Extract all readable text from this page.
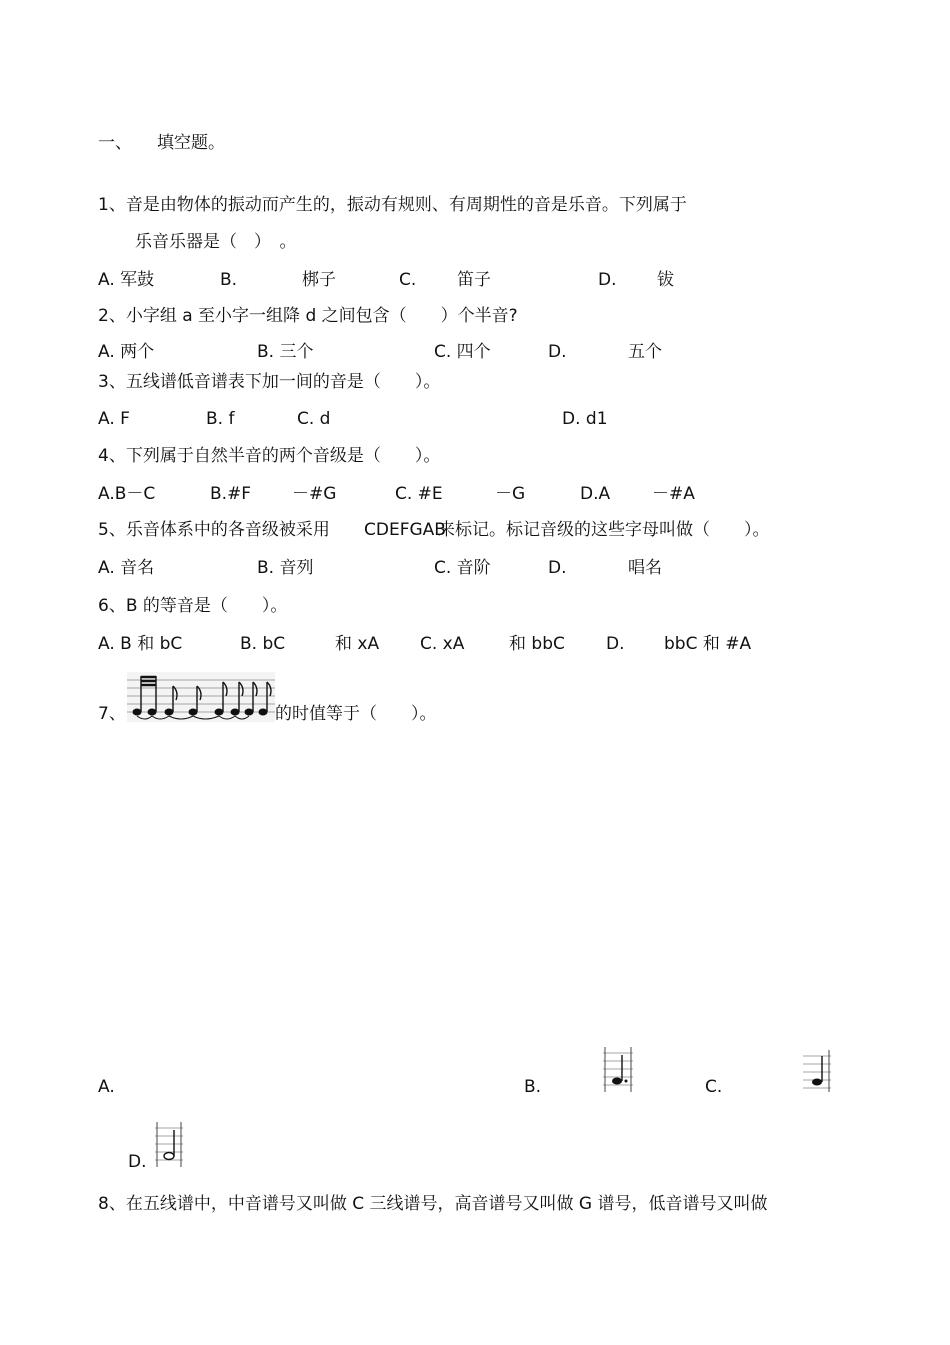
一、 填空题。
1、音是由物体的振动而产生的，振动有规则、有周期性的音是乐音。下列属于
乐音乐器是（　）　。
A. 军鼓	B.	梆子	C. 笛子	D. 钹
2、小字组 a 至小字一组降 d 之间包含（　　）个半音?
A. 两个	B. 三个	C. 四个	D.	五个
3、五线谱低音谱表下加一间的音是（　　）。
A. F	B. f	C. d	D. d1
4、下列属于自然半音的两个音级是（　　）。
A.B－C	B.#F －#G	C. #E	－G	D.A －#A
5、乐音体系中的各音级被采用 CDEFGAB
来标记。标记音级的这些字母叫做（　　）。
A. 音名	B. 音列	C. 音阶	D.	唱名
6、B 的等音是（　　）。
A. B 和 bC	B. bC	和 xA C. xA	和 bbC D. bbC 和 #A
7、	的时值等于（　　）。
A.	B.	C.
D.
8、在五线谱中，中音谱号又叫做 C 三线谱号，高音谱号又叫做 G 谱号，低音谱号又叫做
